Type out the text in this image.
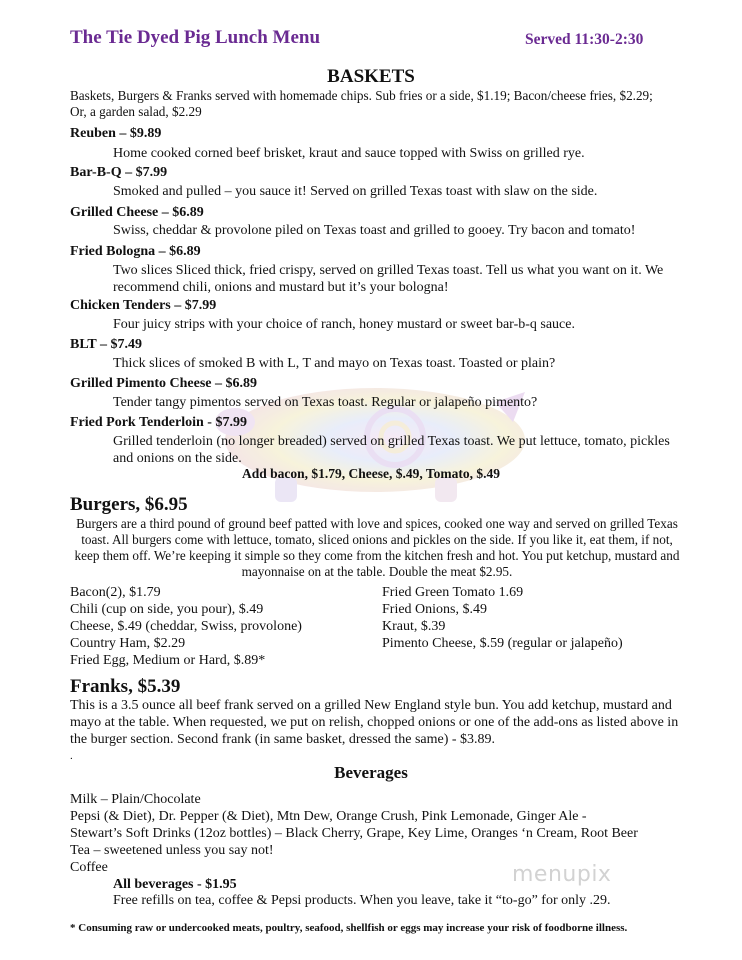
The Tie Dyed Pig Lunch Menu	Served 11:30-2:30
BASKETS
Baskets, Burgers & Franks served with homemade chips. Sub fries or a side, $1.19; Bacon/cheese fries, $2.29; Or, a garden salad, $2.29
Reuben – $9.89
Home cooked corned beef brisket, kraut and sauce topped with Swiss on grilled rye.
Bar-B-Q – $7.99
Smoked and pulled – you sauce it! Served on grilled Texas toast with slaw on the side.
Grilled Cheese – $6.89
Swiss, cheddar & provolone piled on Texas toast and grilled to gooey. Try bacon and tomato!
Fried Bologna – $6.89
Two slices Sliced thick, fried crispy, served on grilled Texas toast. Tell us what you want on it. We recommend chili, onions and mustard but it’s your bologna!
Chicken Tenders – $7.99
Four juicy strips with your choice of ranch, honey mustard or sweet bar-b-q sauce.
BLT – $7.49
Thick slices of smoked B with L, T and mayo on Texas toast. Toasted or plain?
Grilled Pimento Cheese – $6.89
Tender tangy pimentos served on Texas toast. Regular or jalapeño pimento?
Fried Pork Tenderloin - $7.99
Grilled tenderloin (no longer breaded) served on grilled Texas toast. We put lettuce, tomato, pickles and onions on the side.
Add bacon, $1.79, Cheese, $.49, Tomato, $.49
Burgers, $6.95
Burgers are a third pound of ground beef patted with love and spices, cooked one way and served on grilled Texas toast. All burgers come with lettuce, tomato, sliced onions and pickles on the side. If you like it, eat them, if not, keep them off. We’re keeping it simple so they come from the kitchen fresh and hot. You put ketchup, mustard and mayonnaise on at the table. Double the meat $2.95.
Bacon(2), $1.79
Chili (cup on side, you pour), $.49
Cheese, $.49 (cheddar, Swiss, provolone)
Country Ham, $2.29
Fried Egg, Medium or Hard, $.89*
Fried Green Tomato 1.69
Fried Onions, $.49
Kraut, $.39
Pimento Cheese, $.59 (regular or jalapeño)
Franks, $5.39
This is a 3.5 ounce all beef frank served on a grilled New England style bun. You add ketchup, mustard and mayo at the table. When requested, we put on relish, chopped onions or one of the add-ons as listed above in the burger section. Second frank (in same basket, dressed the same) - $3.89.
.
Beverages
Milk – Plain/Chocolate
Pepsi (& Diet), Dr. Pepper (& Diet), Mtn Dew, Orange Crush, Pink Lemonade, Ginger Ale -
Stewart’s Soft Drinks (12oz bottles) – Black Cherry, Grape, Key Lime, Oranges ‘n Cream, Root Beer
Tea – sweetened unless you say not!
Coffee	menupix
All beverages - $1.95
Free refills on tea, coffee & Pepsi products. When you leave, take it “to-go” for only .29.
* Consuming raw or undercooked meats, poultry, seafood, shellfish or eggs may increase your risk of foodborne illness.
